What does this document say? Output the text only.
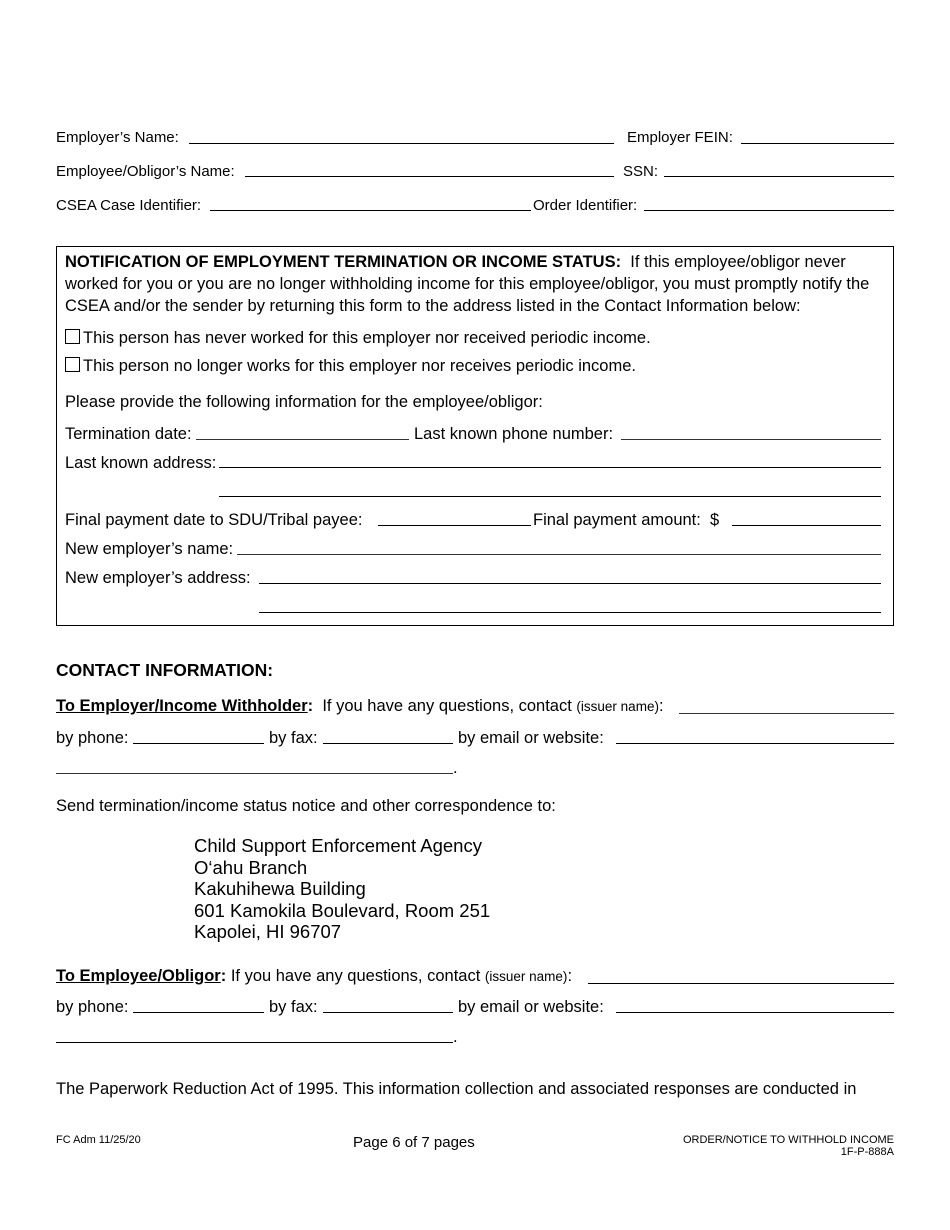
Employer’s Name:	Employer FEIN:
Employee/Obligor’s Name:	SSN:
CSEA Case Identifier:	Order Identifier:
NOTIFICATION OF EMPLOYMENT TERMINATION OR INCOME STATUS: If this employee/obligor never worked for you or you are no longer withholding income for this employee/obligor, you must promptly notify the CSEA and/or the sender by returning this form to the address listed in the Contact Information below:
This person has never worked for this employer nor received periodic income.
This person no longer works for this employer nor receives periodic income.
Please provide the following information for the employee/obligor:
Termination date:	Last known phone number:
Last known address:
Final payment date to SDU/Tribal payee:	Final payment amount: $
New employer’s name:
New employer’s address:
CONTACT INFORMATION:
To Employer/Income Withholder: If you have any questions, contact (issuer name):
by phone:	by fax:	by email or website:
.
Send termination/income status notice and other correspondence to:
Child Support Enforcement Agency
O‘ahu Branch
Kakuhihewa Building
601 Kamokila Boulevard, Room 251
Kapolei, HI 96707
To Employee/Obligor: If you have any questions, contact (issuer name):
by phone:	by fax:	by email or website:
.
The Paperwork Reduction Act of 1995. This information collection and associated responses are conducted in
FC Adm 11/25/20	Page 6 of 7 pages	ORDER/NOTICE TO WITHHOLD INCOME
1F-P-888A
